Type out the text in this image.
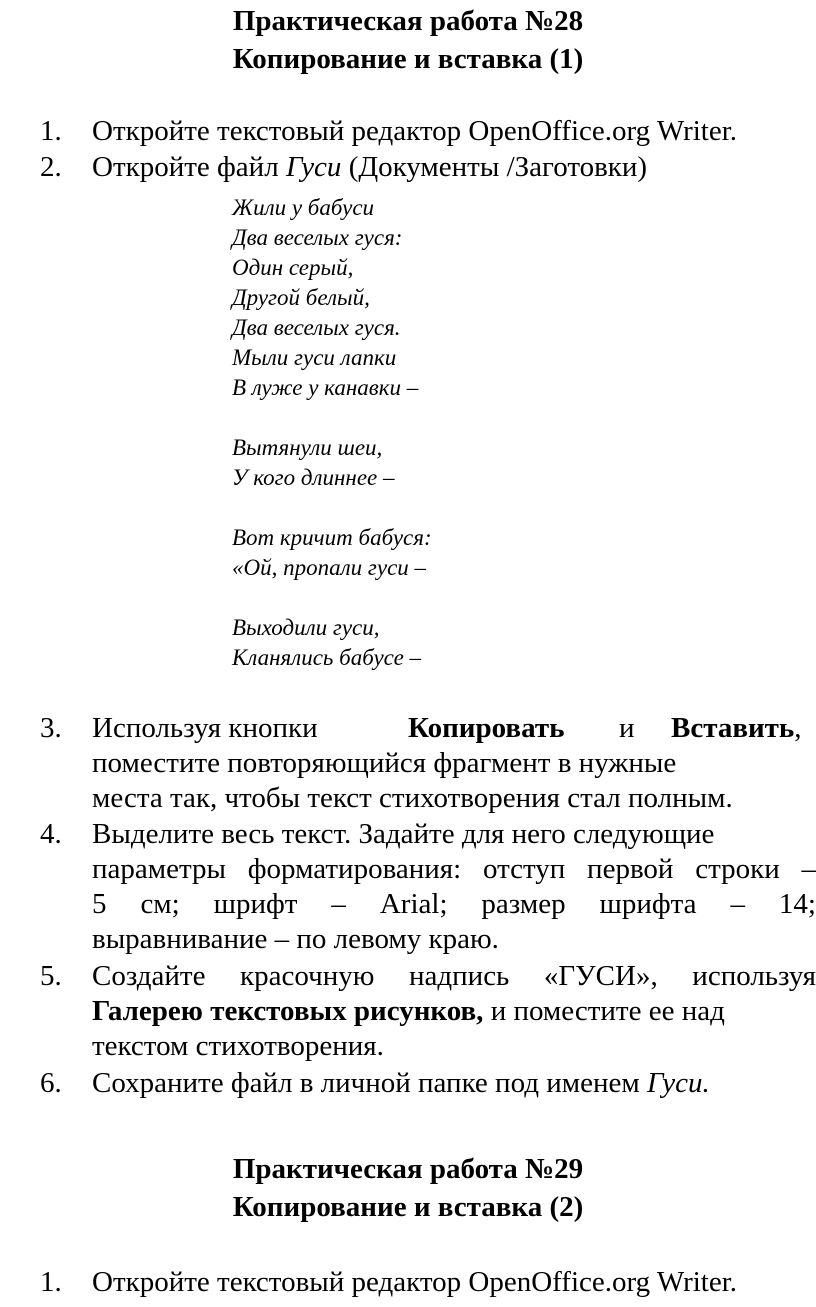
Практическая работа №28
Копирование и вставка (1)
1.	Откройте текстовый редактор OpenOffice.org Writer.
2.	Откройте файл Гуси (Документы /Заготовки)
Жили у бабуси
Два веселых гуся:
Один серый,
Другой белый,
Два веселых гуся.
Мыли гуси лапки
В луже у канавки –
Вытянули шеи,
У кого длиннее –
Вот кричит бабуся:
«Ой, пропали гуси –
Выходили гуси,
Кланялись бабусе –
3.	Используя кнопки	Копировать и Вставить,
поместите повторяющийся фрагмент в нужные
места так, чтобы текст стихотворения стал полным.
4.	Выделите весь текст. Задайте для него следующие
параметры форматирования: отступ первой строки –
5 см; шрифт – Arial; размер шрифта – 14;
выравнивание – по левому краю.
5.	Создайте красочную надпись «ГУСИ», используя
Галерею текстовых рисунков, и поместите ее над
текстом стихотворения.
6.	Сохраните файл в личной папке под именем Гуси.
Практическая работа №29
Копирование и вставка (2)
1.	Откройте текстовый редактор OpenOffice.org Writer.
